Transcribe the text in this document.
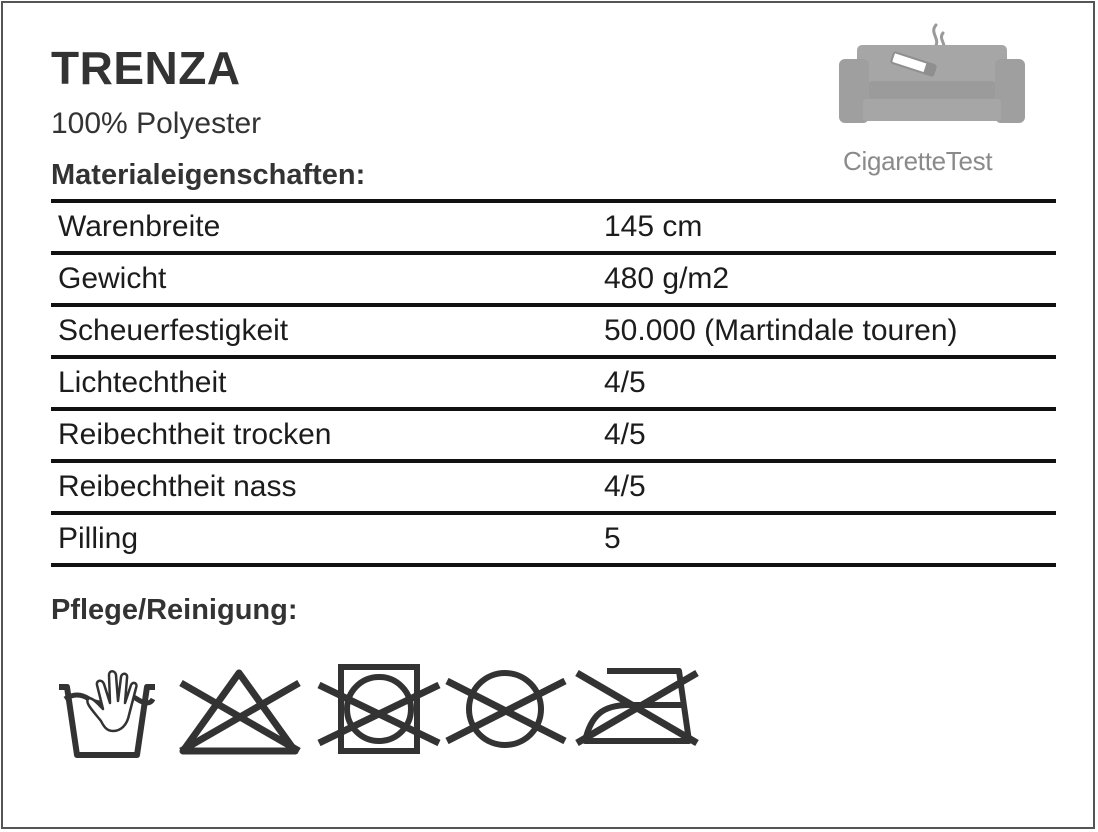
TRENZA
100% Polyester
CigaretteTest
Materialeigenschaften:
Warenbreite	145 cm
Gewicht	480 g/m2
Scheuerfestigkeit	50.000 (Martindale touren)
Lichtechtheit	4/5
Reibechtheit trocken	4/5
Reibechtheit nass	4/5
Pilling	5
Pflege/Reinigung:
